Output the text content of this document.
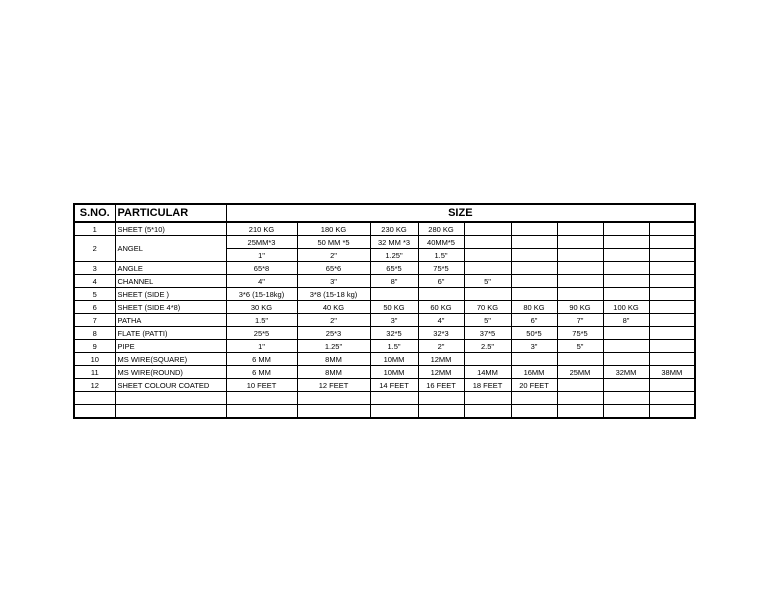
S.NO.	PARTICULAR	SIZE								
1	SHEET (5*10)	210 KG	180 KG	230 KG	280 KG					
2	ANGEL	25MM*3	50 MM *5	32 MM *3	40MM*5					
		1"	2"	1.25"	1.5"					
3	ANGLE	65*8	65*6	65*5	75*5					
4	CHANNEL	4"	3"	8"	6"	5"				
5	SHEET (SIDE )	3*6 (15-18kg)	3*8 (15-18 kg)							
6	SHEET (SIDE 4*8)	30 KG	40 KG	50 KG	60 KG	70 KG	80 KG	90 KG	100 KG	
7	PATHA	1.5"	2"	3"	4"	5"	6"	7"	8"	
8	FLATE (PATTI)	25*5	25*3	32*5	32*3	37*5	50*5	75*5		
9	PIPE	1"	1.25"	1.5"	2"	2.5"	3"	5"		
10	MS WIRE(SQUARE)	6 MM	8MM	10MM	12MM					
11	MS WIRE(ROUND)	6 MM	8MM	10MM	12MM	14MM	16MM	25MM	32MM	38MM
12	SHEET COLOUR COATED	10 FEET	12 FEET	14 FEET	16 FEET	18 FEET	20 FEET			
